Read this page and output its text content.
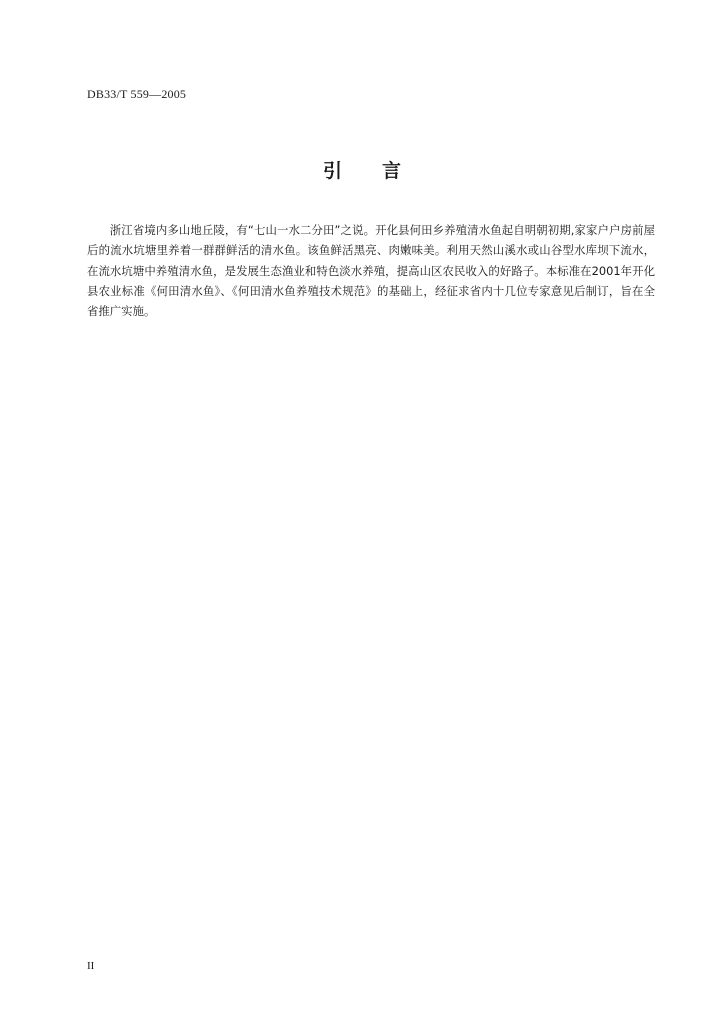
DB33/T 559—2005
引 言

浙江省境内多山地丘陵，有“七山一水二分田”之说。开化县何田乡养殖清水鱼起自明朝初期,家家户户房前屋后的流水坑塘里养着一群群鲜活的清水鱼。该鱼鲜活黑亮、肉嫩味美。利用天然山溪水或山谷型水库坝下流水，在流水坑塘中养殖清水鱼，是发展生态渔业和特色淡水养殖，提高山区农民收入的好路子。本标准在2001年开化县农业标准《何田清水鱼》、《何田清水鱼养殖技术规范》的基础上，经征求省内十几位专家意见后制订，旨在全省推广实施。

II
